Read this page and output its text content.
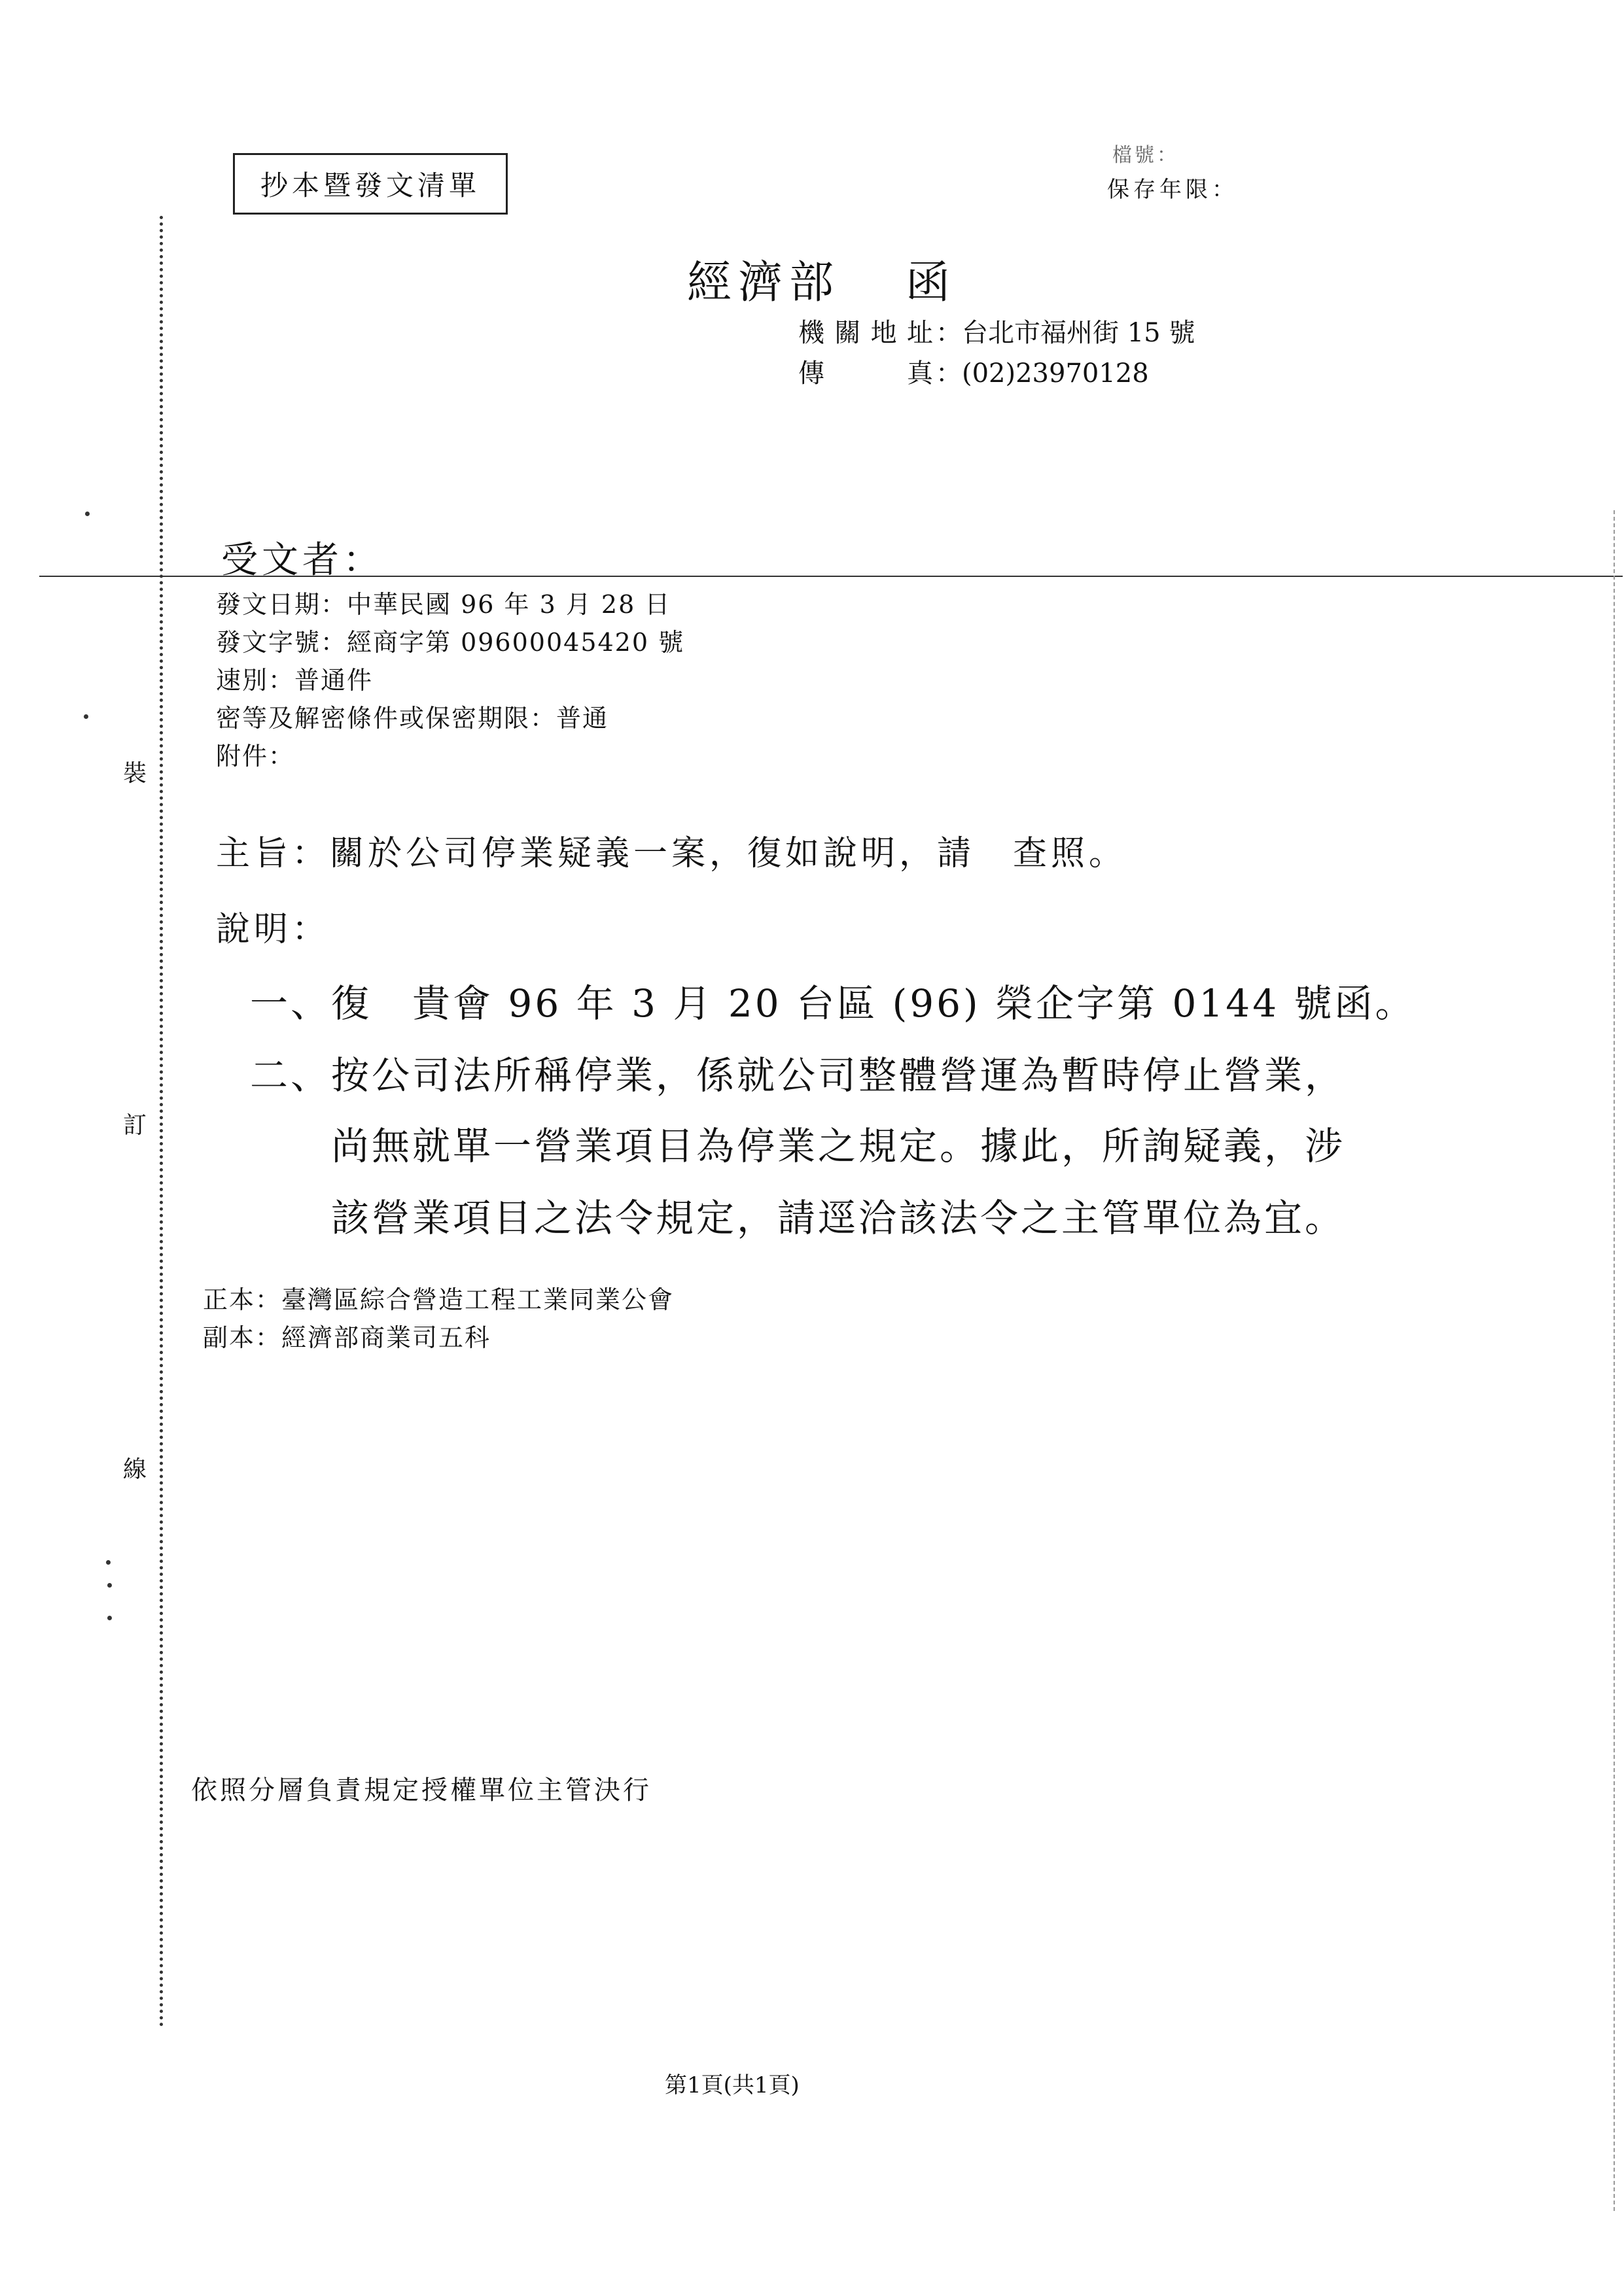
抄本暨發文清單
檔號：
保存年限：
經濟部 函
機關地址 ：台北市福州街 15 號
傳真 ：(02)23970128
受文者：
發文日期：中華民國 96 年 3 月 28 日
發文字號：經商字第 09600045420 號
速別：普通件
密等及解密條件或保密期限：普通
附件：
主旨：關於公司停業疑義一案，復如說明，請　查照。
說明：
一、復　貴會 96 年 3 月 20 台區 (96) 榮企字第 0144 號函。
二、按公司法所稱停業，係就公司整體營運為暫時停止營業，
尚無就單一營業項目為停業之規定。據此，所詢疑義，涉
該營業項目之法令規定，請逕洽該法令之主管單位為宜。
正本：臺灣區綜合營造工程工業同業公會
副本：經濟部商業司五科
依照分層負責規定授權單位主管決行
第1頁(共1頁)
裝
訂
線
